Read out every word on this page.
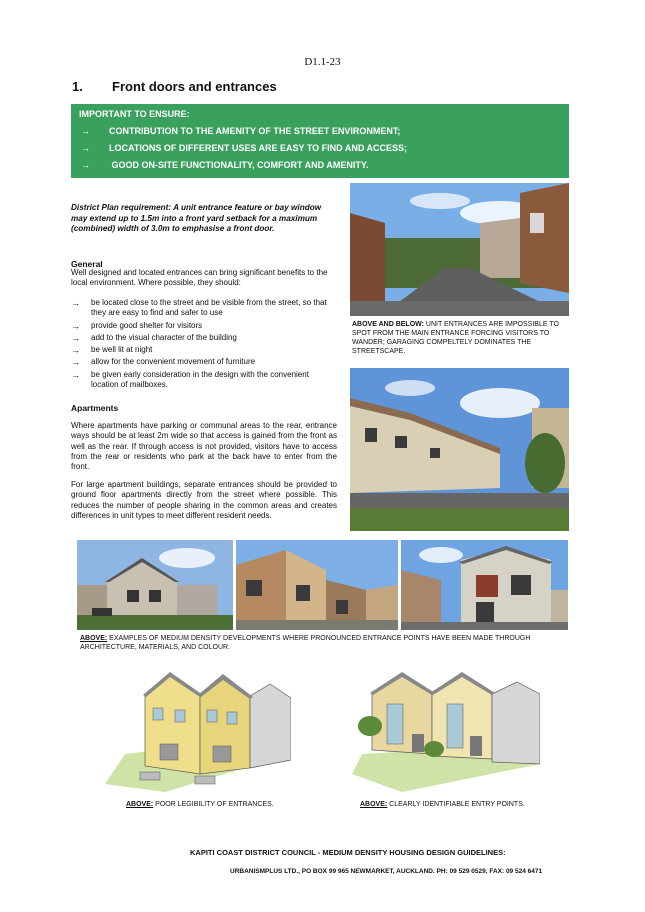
D1.1-23
1. Front doors and entrances
IMPORTANT TO ENSURE:
→ CONTRIBUTION TO THE AMENITY OF THE STREET ENVIRONMENT;
→ LOCATIONS OF DIFFERENT USES ARE EASY TO FIND AND ACCESS;
→ GOOD ON-SITE FUNCTIONALITY, COMFORT AND AMENITY.
District Plan requirement: A unit entrance feature or bay window may extend up to 1.5m into a front yard setback for a maximum (combined) width of 3.0m to emphasise a front door.
General
Well designed and located entrances can bring significant benefits to the local environment. Where possible, they should:
→ be located close to the street and be visible from the street, so that they are easy to find and safer to use
→ provide good shelter for visitors
→ add to the visual character of the building
→ be well lit at night
→ allow for the convenient movement of furniture
→ be given early consideration in the design with the convenient location of mailboxes.
Apartments
Where apartments have parking or communal areas to the rear, entrance ways should be at least 2m wide so that access is gained from the front as well as the rear. If through access is not provided, visitors have to access from the rear or residents who park at the back have to enter from the front.
For large apartment buildings, separate entrances should be provided to ground floor apartments directly from the street where possible. This reduces the number of people sharing in the common areas and creates differences in unit types to meet different resident needs.
ABOVE AND BELOW: UNIT ENTRANCES ARE IMPOSSIBLE TO SPOT FROM THE MAIN ENTRANCE FORCING VISITORS TO WANDER; GARAGING COMPELTELY DOMINATES THE STREETSCAPE.
ABOVE: EXAMPLES OF MEDIUM DENSITY DEVELOPMENTS WHERE PRONOUNCED ENTRANCE POINTS HAVE BEEN MADE THROUGH ARCHITECTURE, MATERIALS, AND COLOUR.
ABOVE: POOR LEGIBILITY OF ENTRANCES.	ABOVE: CLEARLY IDENTIFIABLE ENTRY POINTS.
KAPITI COAST DISTRICT COUNCIL - MEDIUM DENSITY HOUSING DESIGN GUIDELINES:
URBANISMPLUS LTD., PO BOX 99 965 NEWMARKET, AUCKLAND. PH: 09 529 0529, FAX: 09 524 6471
